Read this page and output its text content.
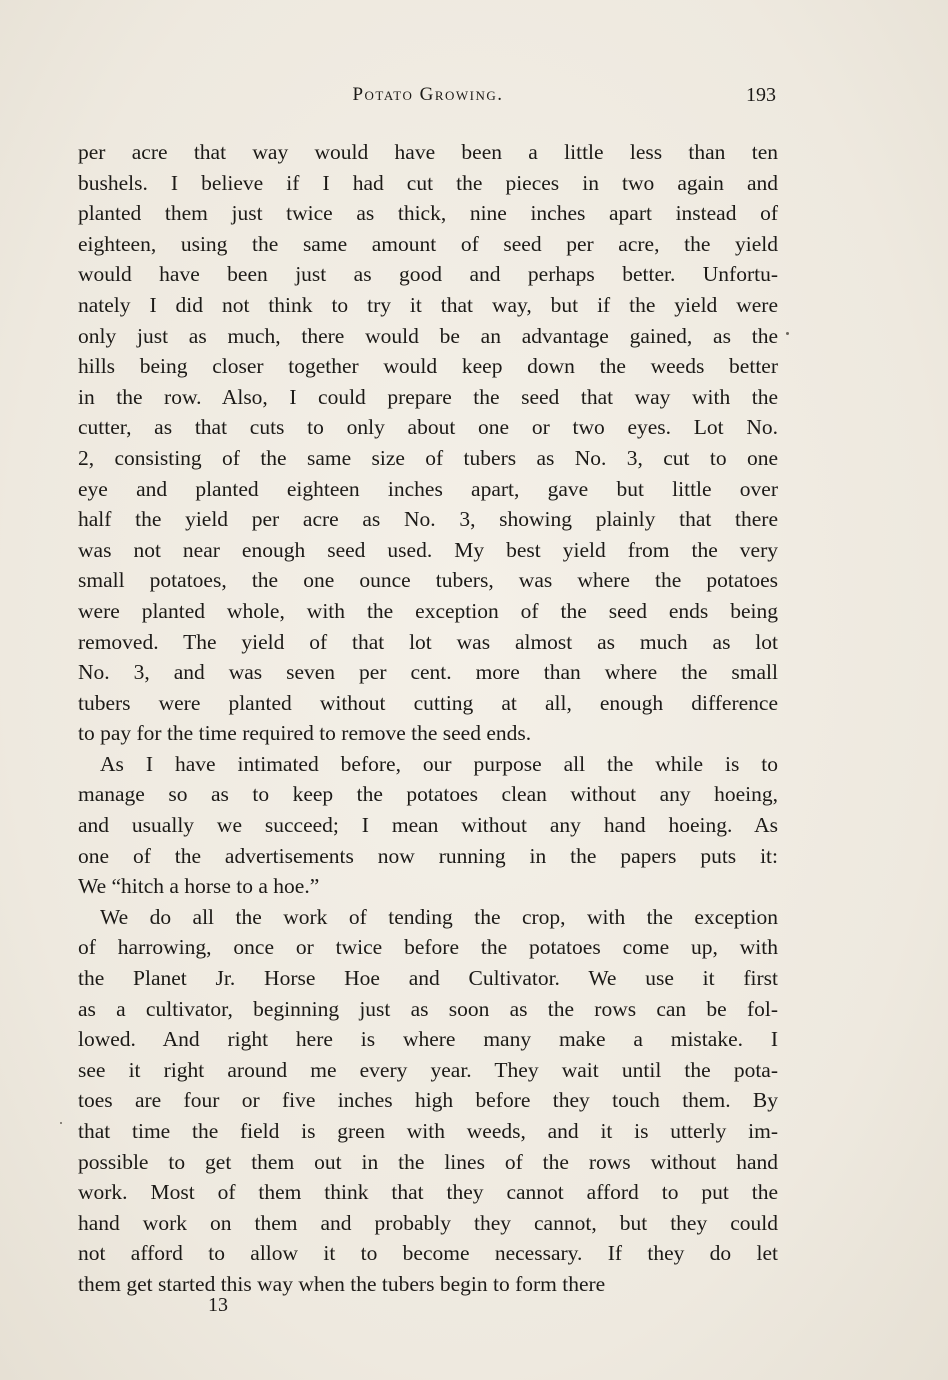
Potato Growing.	193
per acre that way would have been a little less than ten
bushels. I believe if I had cut the pieces in two again and
planted them just twice as thick, nine inches apart instead of
eighteen, using the same amount of seed per acre, the yield
would have been just as good and perhaps better. Unfortu-
nately I did not think to try it that way, but if the yield were
only just as much, there would be an advantage gained, as the
hills being closer together would keep down the weeds better
in the row. Also, I could prepare the seed that way with the
cutter, as that cuts to only about one or two eyes. Lot No.
2, consisting of the same size of tubers as No. 3, cut to one
eye and planted eighteen inches apart, gave but little over
half the yield per acre as No. 3, showing plainly that there
was not near enough seed used. My best yield from the very
small potatoes, the one ounce tubers, was where the potatoes
were planted whole, with the exception of the seed ends being
removed. The yield of that lot was almost as much as lot
No. 3, and was seven per cent. more than where the small
tubers were planted without cutting at all, enough difference
to pay for the time required to remove the seed ends.
As I have intimated before, our purpose all the while is to
manage so as to keep the potatoes clean without any hoeing,
and usually we succeed; I mean without any hand hoeing. As
one of the advertisements now running in the papers puts it:
We “hitch a horse to a hoe.”
We do all the work of tending the crop, with the exception
of harrowing, once or twice before the potatoes come up, with
the Planet Jr. Horse Hoe and Cultivator. We use it first
as a cultivator, beginning just as soon as the rows can be fol-
lowed. And right here is where many make a mistake. I
see it right around me every year. They wait until the pota-
toes are four or five inches high before they touch them. By
that time the field is green with weeds, and it is utterly im-
possible to get them out in the lines of the rows without hand
work. Most of them think that they cannot afford to put the
hand work on them and probably they cannot, but they could
not afford to allow it to become necessary. If they do let
them get started this way when the tubers begin to form there
13
